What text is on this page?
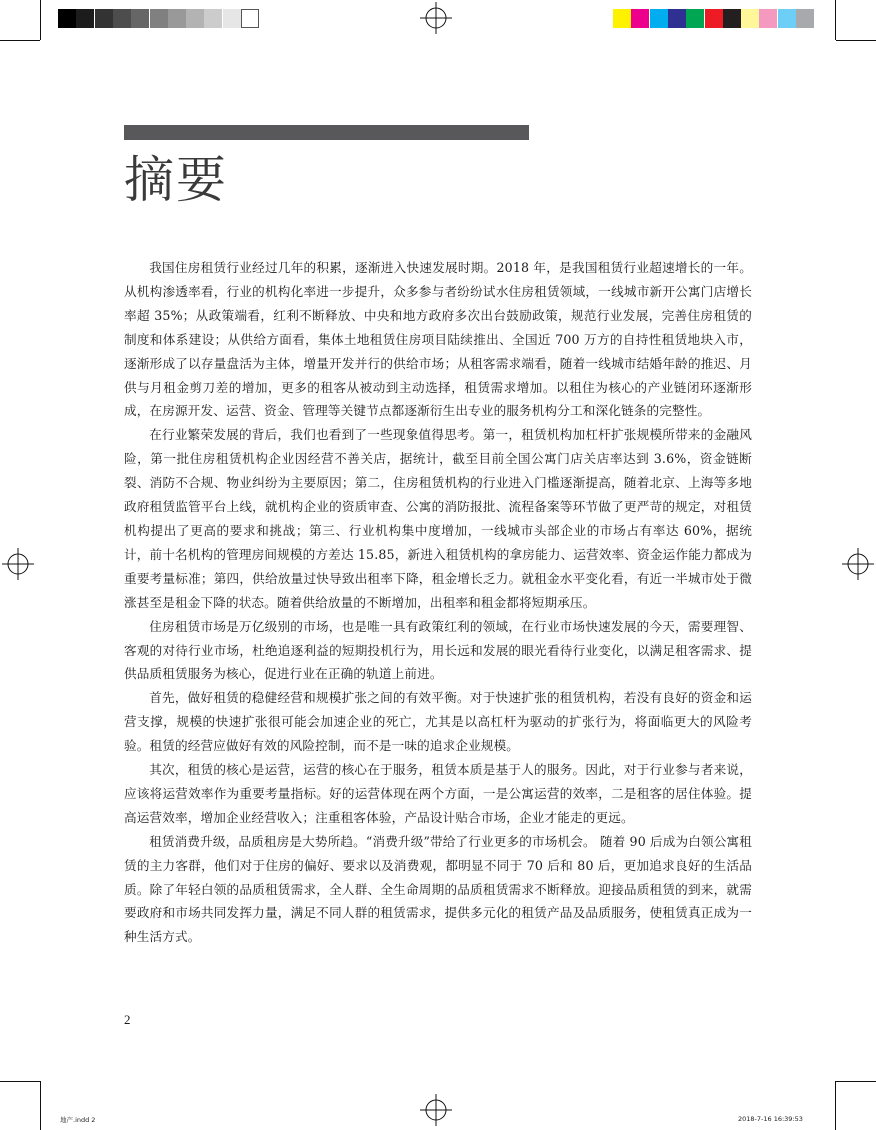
摘要

我国住房租赁行业经过几年的积累，逐渐进入快速发展时期。2018 年，是我国租赁行业超速增长的一年。从机构渗透率看，行业的机构化率进一步提升，众多参与者纷纷试水住房租赁领域，一线城市新开公寓门店增长率超 35%；从政策端看，红利不断释放、中央和地方政府多次出台鼓励政策，规范行业发展，完善住房租赁的制度和体系建设；从供给方面看，集体土地租赁住房项目陆续推出、全国近 700 万方的自持性租赁地块入市，逐渐形成了以存量盘活为主体，增量开发并行的供给市场；从租客需求端看，随着一线城市结婚年龄的推迟、月供与月租金剪刀差的增加，更多的租客从被动到主动选择，租赁需求增加。以租住为核心的产业链闭环逐渐形成，在房源开发、运营、资金、管理等关键节点都逐渐衍生出专业的服务机构分工和深化链条的完整性。

在行业繁荣发展的背后，我们也看到了一些现象值得思考。第一，租赁机构加杠杆扩张规模所带来的金融风险，第一批住房租赁机构企业因经营不善关店，据统计，截至目前全国公寓门店关店率达到 3.6%，资金链断裂、消防不合规、物业纠纷为主要原因；第二，住房租赁机构的行业进入门槛逐渐提高，随着北京、上海等多地政府租赁监管平台上线，就机构企业的资质审查、公寓的消防报批、流程备案等环节做了更严苛的规定，对租赁机构提出了更高的要求和挑战；第三、行业机构集中度增加，一线城市头部企业的市场占有率达 60%，据统计，前十名机构的管理房间规模的方差达 15.85，新进入租赁机构的拿房能力、运营效率、资金运作能力都成为重要考量标准；第四，供给放量过快导致出租率下降，租金增长乏力。就租金水平变化看，有近一半城市处于微涨甚至是租金下降的状态。随着供给放量的不断增加，出租率和租金都将短期承压。

住房租赁市场是万亿级别的市场，也是唯一具有政策红利的领域，在行业市场快速发展的今天，需要理智、客观的对待行业市场，杜绝追逐利益的短期投机行为，用长远和发展的眼光看待行业变化，以满足租客需求、提供品质租赁服务为核心，促进行业在正确的轨道上前进。

首先，做好租赁的稳健经营和规模扩张之间的有效平衡。对于快速扩张的租赁机构，若没有良好的资金和运营支撑，规模的快速扩张很可能会加速企业的死亡，尤其是以高杠杆为驱动的扩张行为，将面临更大的风险考验。租赁的经营应做好有效的风险控制，而不是一味的追求企业规模。

其次，租赁的核心是运营，运营的核心在于服务，租赁本质是基于人的服务。因此，对于行业参与者来说，应该将运营效率作为重要考量指标。好的运营体现在两个方面，一是公寓运营的效率，二是租客的居住体验。提高运营效率，增加企业经营收入；注重租客体验，产品设计贴合市场，企业才能走的更远。

租赁消费升级，品质租房是大势所趋。“消费升级”带给了行业更多的市场机会。 随着 90 后成为白领公寓租赁的主力客群，他们对于住房的偏好、要求以及消费观，都明显不同于 70 后和 80 后，更加追求良好的生活品质。除了年轻白领的品质租赁需求，全人群、全生命周期的品质租赁需求不断释放。迎接品质租赁的到来，就需要政府和市场共同发挥力量，满足不同人群的租赁需求，提供多元化的租赁产品及品质服务，使租赁真正成为一种生活方式。

2
地产.indd 2	2018-7-16 16:39:53
